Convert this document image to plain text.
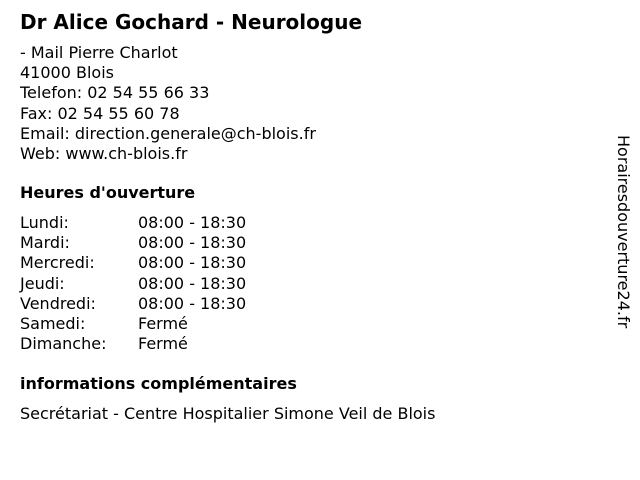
Dr Alice Gochard - Neurologue
- Mail Pierre Charlot
41000 Blois
Telefon: 02 54 55 66 33
Fax: 02 54 55 60 78
Email: direction.generale@ch-blois.fr
Web: www.ch-blois.fr
Heures d'ouverture
Lundi:	08:00 - 18:30
Mardi:	08:00 - 18:30
Mercredi:	08:00 - 18:30
Jeudi:	08:00 - 18:30
Vendredi:	08:00 - 18:30
Samedi:	Fermé
Dimanche:	Fermé
informations complémentaires
Secrétariat - Centre Hospitalier Simone Veil de Blois
Horairesdouverture24.fr
